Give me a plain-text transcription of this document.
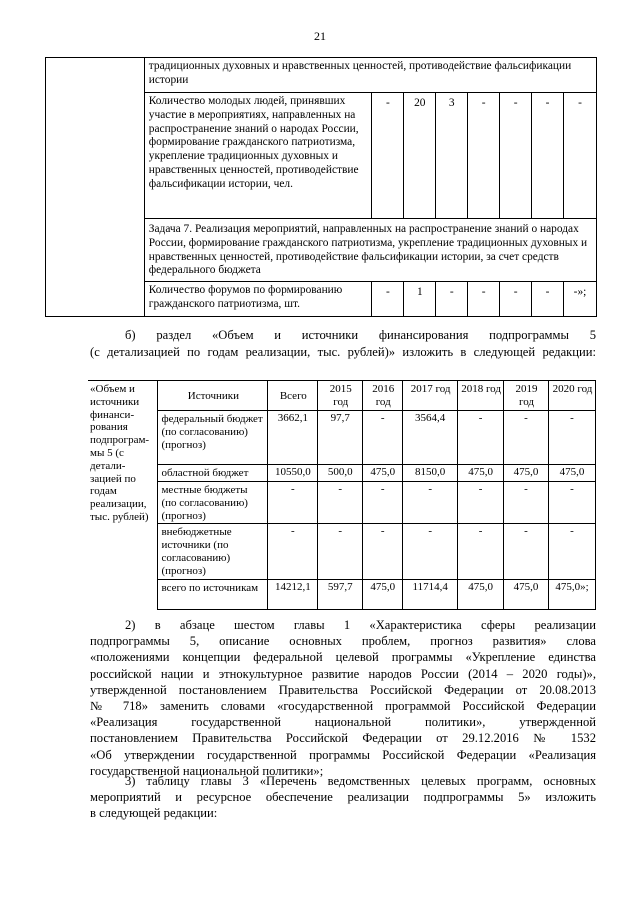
21
	традиционных духовных и нравственных ценностей, противодействие фальсификации истории							
	Количество молодых людей, принявших участие в мероприятиях, направленных на распространение знаний о народах России, формирование гражданского патриотизма, укрепление традиционных духовных и нравственных ценностей, противодействие фальсификации истории, чел.	-	20	3	-	-	-	-
	Задача 7. Реализация мероприятий, направленных на распространение знаний о народах России, формирование гражданского патриотизма, укрепление традиционных духовных и нравственных ценностей, противодействие фальсификации истории, за счет средств федерального бюджета							
	Количество форумов по формированию гражданского патриотизма, шт.	-	1	-	-	-	-	-»;
б) раздел «Объем и источники финансирования подпрограммы 5
(с детализацией по годам реализации, тыс. рублей)» изложить в следующей редакции:
«Объем и источники финанси-рования подпрограм-мы 5 (с детали-зацией по годам реализации, тыс. рублей)	Источники	Всего	2015 год	2016 год	2017 год	2018 год	2019 год	2020 год
	федеральный бюджет (по согласованию) (прогноз)	3662,1	97,7	-	3564,4	-	-	-
	областной бюджет	10550,0	500,0	475,0	8150,0	475,0	475,0	475,0
	местные бюджеты (по согласованию) (прогноз)	-	-	-	-	-	-	-
	внебюджетные источники (по согласованию) (прогноз)	-	-	-	-	-	-	-
	всего по источникам	14212,1	597,7	475,0	11714,4	475,0	475,0	475,0»;
2) в абзаце шестом главы 1 «Характеристика сферы реализации
подпрограммы 5, описание основных проблем, прогноз развития» слова
«положениями концепции федеральной целевой программы «Укрепление единства
российской нации и этнокультурное развитие народов России (2014 – 2020 годы)»,
утвержденной постановлением Правительства Российской Федерации от 20.08.2013
№ 718» заменить словами «государственной программой Российской Федерации
«Реализация государственной национальной политики», утвержденной
постановлением Правительства Российской Федерации от 29.12.2016 № 1532
«Об утверждении государственной программы Российской Федерации «Реализация
государственной национальной политики»;
3) таблицу главы 3 «Перечень ведомственных целевых программ, основных
мероприятий и ресурсное обеспечение реализации подпрограммы 5» изложить
в следующей редакции:
